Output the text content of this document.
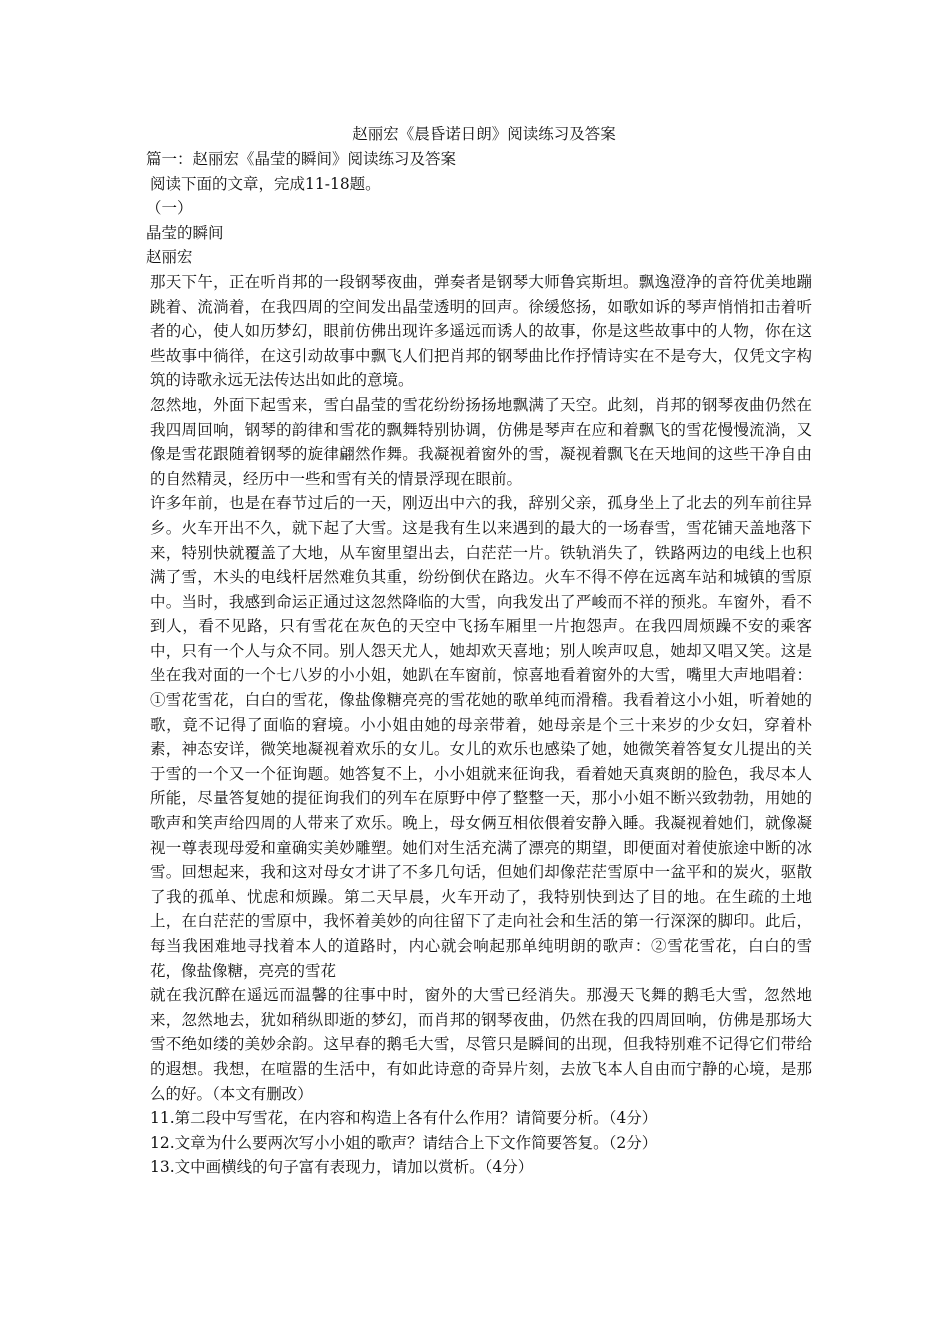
赵丽宏《晨昏诺日朗》阅读练习及答案
篇一：赵丽宏《晶莹的瞬间》阅读练习及答案
阅读下面的文章，完成11-18题。
（一）
晶莹的瞬间
赵丽宏

那天下午，正在听肖邦的一段钢琴夜曲，弹奏者是钢琴大师鲁宾斯坦。飘逸澄净的音符优美地蹦跳着、流淌着，在我四周的空间发出晶莹透明的回声。徐缓悠扬，如歌如诉的琴声悄悄扣击着听者的心，使人如历梦幻，眼前仿佛出现许多遥远而诱人的故事，你是这些故事中的人物，你在这些故事中徜徉，在这引动故事中飘飞人们把肖邦的钢琴曲比作抒情诗实在不是夸大，仅凭文字构筑的诗歌永远无法传达出如此的意境。

忽然地，外面下起雪来，雪白晶莹的雪花纷纷扬扬地飘满了天空。此刻，肖邦的钢琴夜曲仍然在我四周回响，钢琴的韵律和雪花的飘舞特别协调，仿佛是琴声在应和着飘飞的雪花慢慢流淌，又像是雪花跟随着钢琴的旋律翩然作舞。我凝视着窗外的雪，凝视着飘飞在天地间的这些干净自由的自然精灵，经历中一些和雪有关的情景浮现在眼前。

许多年前，也是在春节过后的一天，刚迈出中六的我，辞别父亲，孤身坐上了北去的列车前往异乡。火车开出不久，就下起了大雪。这是我有生以来遇到的最大的一场春雪，雪花铺天盖地落下来，特别快就覆盖了大地，从车窗里望出去，白茫茫一片。铁轨消失了，铁路两边的电线上也积满了雪，木头的电线杆居然难负其重，纷纷倒伏在路边。火车不得不停在远离车站和城镇的雪原中。当时，我感到命运正通过这忽然降临的大雪，向我发出了严峻而不祥的预兆。车窗外，看不到人，看不见路，只有雪花在灰色的天空中飞扬车厢里一片抱怨声。在我四周烦躁不安的乘客中，只有一个人与众不同。别人怨天尤人，她却欢天喜地；别人唉声叹息，她却又唱又笑。这是坐在我对面的一个七八岁的小小姐，她趴在车窗前，惊喜地看着窗外的大雪，嘴里大声地唱着：①雪花雪花，白白的雪花，像盐像糖亮亮的雪花她的歌单纯而滑稽。我看着这小小姐，听着她的歌，竟不记得了面临的窘境。小小姐由她的母亲带着，她母亲是个三十来岁的少女妇，穿着朴素，神态安详，微笑地凝视着欢乐的女儿。女儿的欢乐也感染了她，她微笑着答复女儿提出的关于雪的一个又一个征询题。她答复不上，小小姐就来征询我，看着她天真爽朗的脸色，我尽本人所能，尽量答复她的提征询我们的列车在原野中停了整整一天，那小小姐不断兴致勃勃，用她的歌声和笑声给四周的人带来了欢乐。晚上，母女俩互相依偎着安静入睡。我凝视着她们，就像凝视一尊表现母爱和童确实美妙雕塑。她们对生活充满了漂亮的期望，即便面对着使旅途中断的冰雪。回想起来，我和这对母女才讲了不多几句话，但她们却像茫茫雪原中一盆平和的炭火，驱散了我的孤单、忧虑和烦躁。第二天早晨，火车开动了，我特别快到达了目的地。在生疏的土地上，在白茫茫的雪原中，我怀着美妙的向往留下了走向社会和生活的第一行深深的脚印。此后，每当我困难地寻找着本人的道路时，内心就会响起那单纯明朗的歌声：②雪花雪花，白白的雪花，像盐像糖，亮亮的雪花

就在我沉醉在遥远而温馨的往事中时，窗外的大雪已经消失。那漫天飞舞的鹅毛大雪，忽然地来，忽然地去，犹如稍纵即逝的梦幻，而肖邦的钢琴夜曲，仍然在我的四周回响，仿佛是那场大雪不绝如缕的美妙余韵。这早春的鹅毛大雪，尽管只是瞬间的出现，但我特别难不记得它们带给的遐想。我想，在喧嚣的生活中，有如此诗意的奇异片刻，去放飞本人自由而宁静的心境，是那么的好。（本文有删改）

11.第二段中写雪花，在内容和构造上各有什么作用？请简要分析。（4分）
12.文章为什么要两次写小小姐的歌声？请结合上下文作简要答复。（2分）
13.文中画横线的句子富有表现力，请加以赏析。（4分）
